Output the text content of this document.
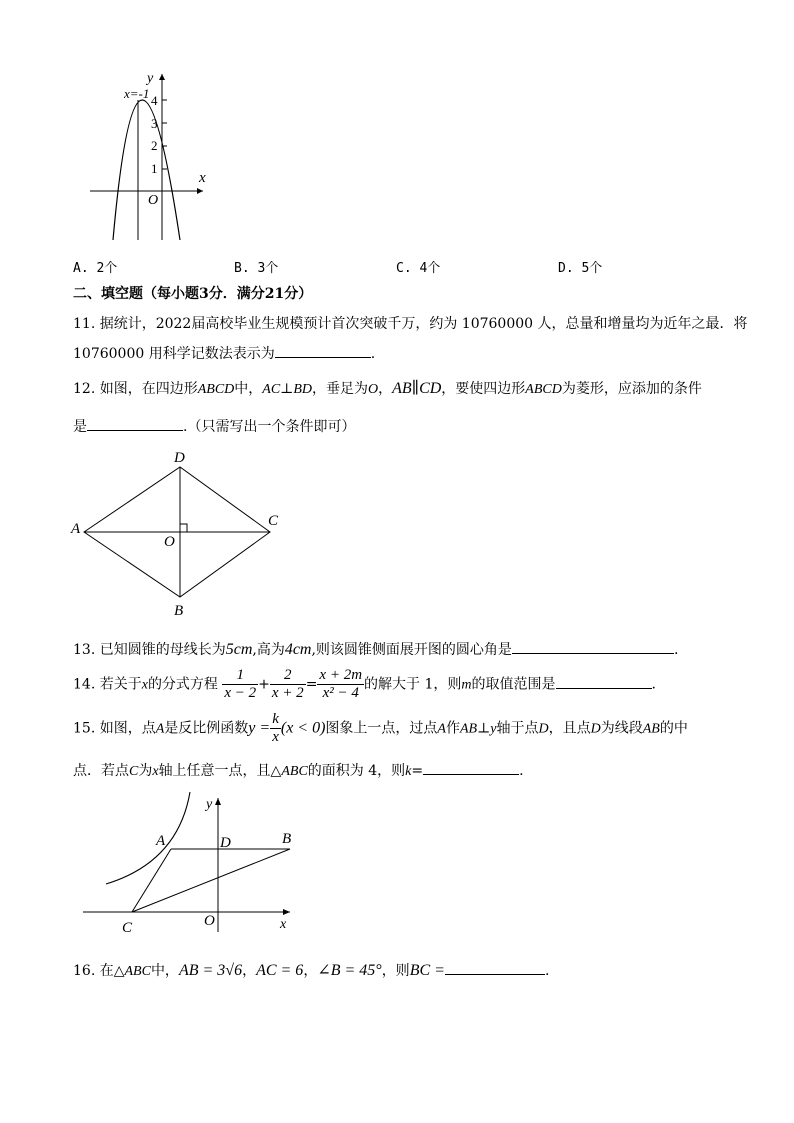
y
x
O
x=-1 4
3
2
1
A. 2个	B. 3个	C. 4个	D. 5个
二、填空题（每小题3分．满分21分）
11. 据统计，2022届高校毕业生规模预计首次突破千万，约为 10760000 人，总量和增量均为近年之最．将
10760000 用科学记数法表示为	.
12. 如图，在四边形ABCD中，AC⊥BD，垂足为O，AB∥CD，要使四边形ABCD为菱形，应添加的条件
是	.（只需写出一个条件即可）
D
A	C
O
B
13. 已知圆锥的母线长为5cm,高为4cm,则该圆锥侧面展开图的圆心角是	.
14. 若关于x的分式方程 $\frac{1}{x - 2} + \frac{2}{x + 2} = \frac{x + 2m}{\text{x² − 4}}$ 的解大于 1，则m的取值范围是	.
15. 如图，点A是反比例函数$y = \frac{k}{x} (x < 0)$图象上一点，过点A作AB⊥y轴于点D，且点D为线段AB的中
点．若点C为x轴上任意一点，且△ABC的面积为 4，则k=	.
y
x
A	D	B
O
C
16. 在△ABC中，AB = 3√6，AC = 6，∠B = 45°，则BC =	.
